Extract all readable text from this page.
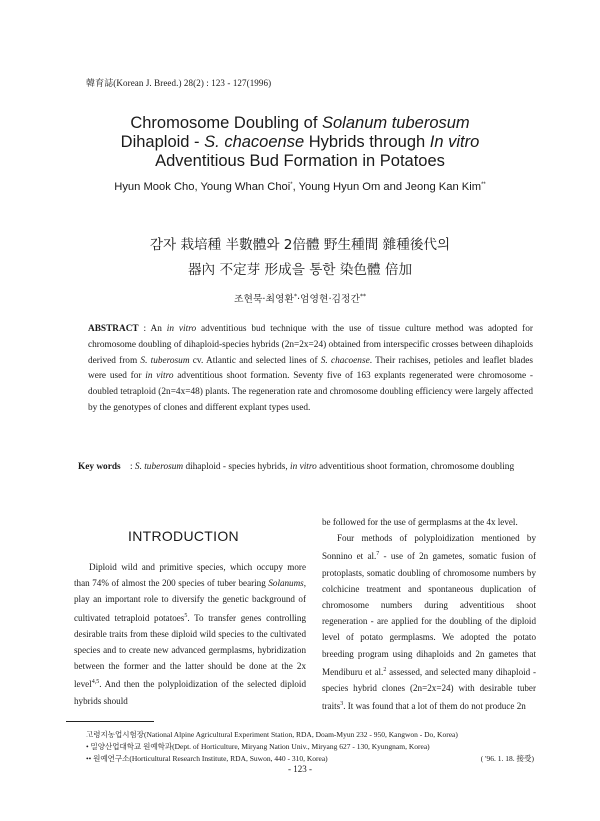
韓育誌(Korean J. Breed.) 28(2) : 123 - 127(1996)
Chromosome Doubling of Solanum tuberosum
Dihaploid - S. chacoense Hybrids through In vitro
Adventitious Bud Formation in Potatoes
Hyun Mook Cho, Young Whan Choi*, Young Hyun Om and Jeong Kan Kim**
감자 栽培種 半數體와 2倍體 野生種間 雜種後代의
器內 不定芽 形成을 통한 染色體 倍加
조현묵·최영환*·엄영현·김정간**
ABSTRACT : An in vitro adventitious bud technique with the use of tissue culture method was adopted for chromosome doubling of dihaploid-species hybrids (2n=2x=24) obtained from interspecific crosses between dihaploids derived from S. tuberosum cv. Atlantic and selected lines of S. chacoense. Their rachises, petioles and leaflet blades were used for in vitro adventitious shoot formation. Seventy five of 163 explants regenerated were chromosome - doubled tetraploid (2n=4x=48) plants. The regeneration rate and chromosome doubling efficiency were largely affected by the genotypes of clones and different explant types used.
Key words	: S. tuberosum dihaploid - species hybrids, in vitro adventitious shoot formation, chromosome doubling
INTRODUCTION

Diploid wild and primitive species, which occupy more than 74% of almost the 200 species of tuber bearing Solanums, play an important role to diversify the genetic background of cultivated tetraploid potatoes$^5$. To transfer genes controlling desirable traits from these diploid wild species to the cultivated species and to create new advanced germplasms, hybridization between the former and the latter should be done at the 2x level$^{4,5}$. And then the polyploidization of the selected diploid hybrids should

be followed for the use of germplasms at the 4x level.

Four methods of polyploidization mentioned by Sonnino et al.$^7$ - use of 2n gametes, somatic fusion of protoplasts, somatic doubling of chromosome numbers by colchicine treatment and spontaneous duplication of chromosome numbers during adventitious shoot regeneration - are applied for the doubling of the diploid level of potato germplasms. We adopted the potato breeding program using dihaploids and 2n gametes that Mendiburu et al.$^2$ assessed, and selected many dihaploid - species hybrid clones (2n=2x=24) with desirable tuber traits$^3$. It was found that a lot of them do not produce 2n

고령지농업시험장(National Alpine Agricultural Experiment Station, RDA, Doam-Myun 232 - 950, Kangwon - Do, Korea)
• 밀양산업대학교 원예학과(Dept. of Horticulture, Miryang Nation Univ., Miryang 627 - 130, Kyungnam, Korea)
•• 원예연구소(Horticultural Research Institute, RDA, Suwon, 440 - 310, Korea)	( '96. 1. 18. 接受)
- 123 -
